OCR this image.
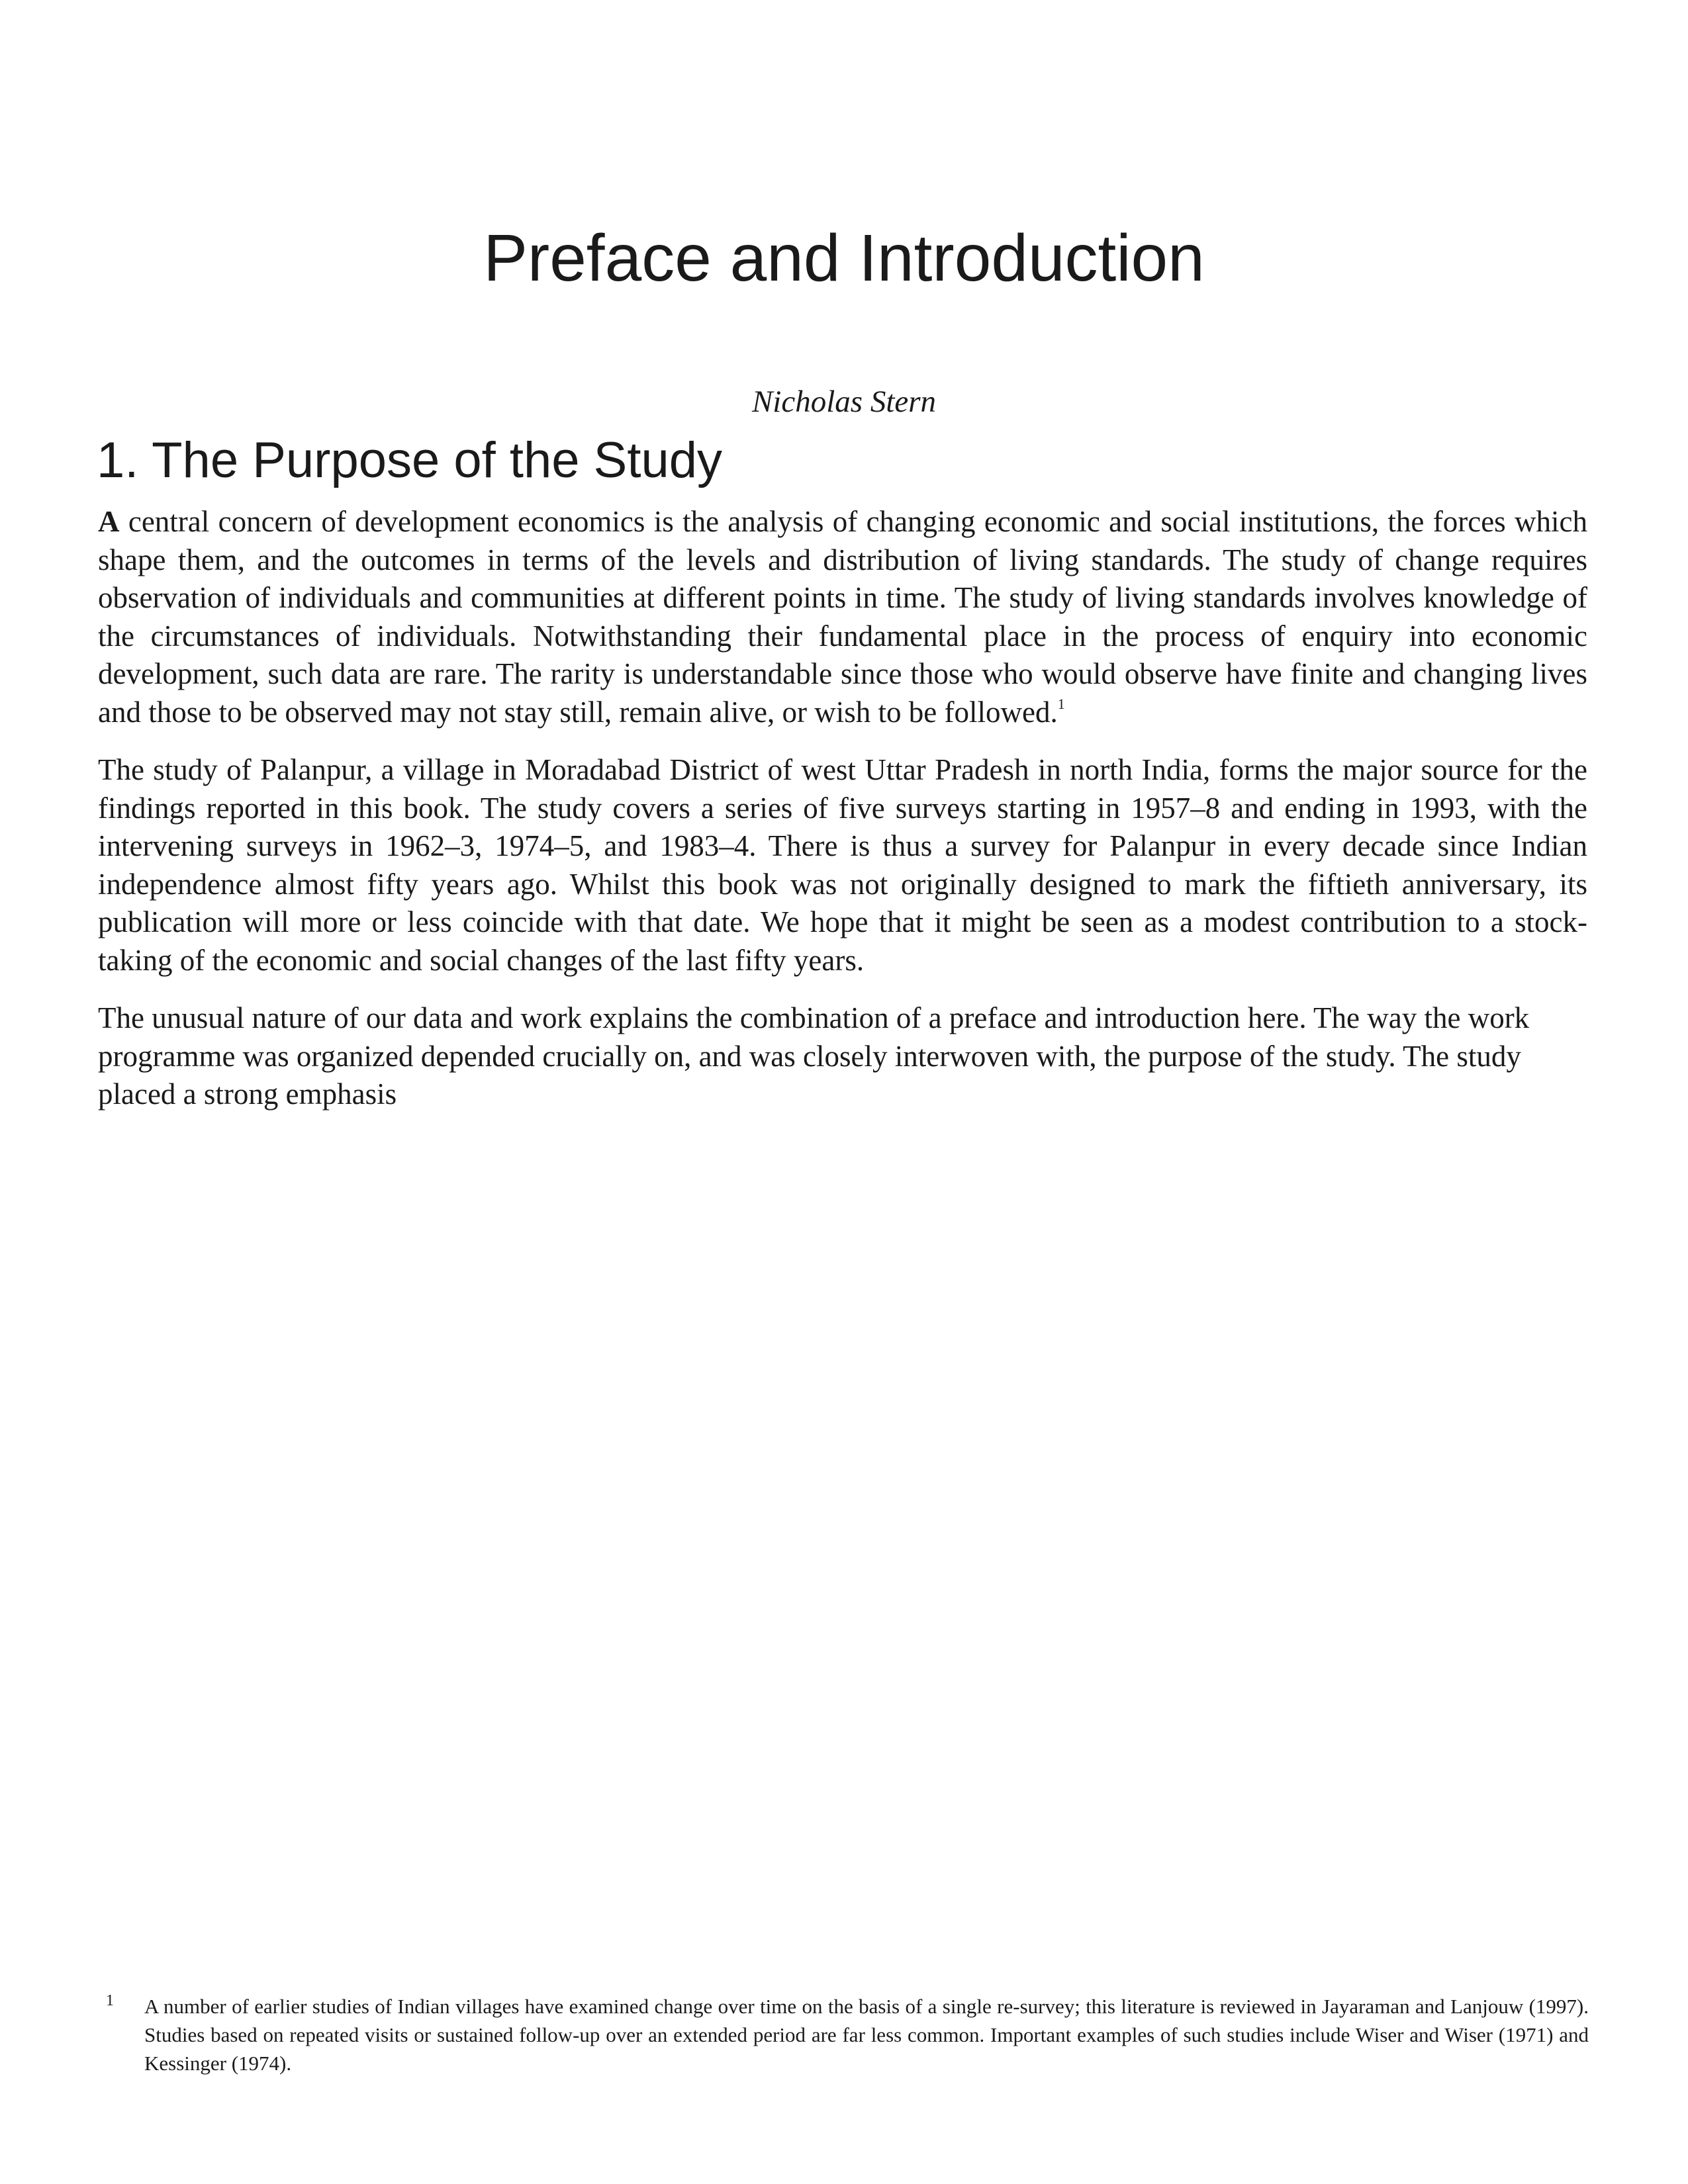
Preface and Introduction
Nicholas Stern
1. The Purpose of the Study

A central concern of development economics is the analysis of changing economic and social institutions, the forces which shape them, and the outcomes in terms of the levels and distribution of living standards. The study of change requires observation of individuals and communities at different points in time. The study of living standards involves knowledge of the circumstances of individuals. Notwithstanding their fundamental place in the process of enquiry into economic development, such data are rare. The rarity is understandable since those who would observe have finite and changing lives and those to be observed may not stay still, remain alive, or wish to be followed.$^1$

The study of Palanpur, a village in Moradabad District of west Uttar Pradesh in north India, forms the major source for the findings reported in this book. The study covers a series of five surveys starting in 1957–8 and ending in 1993, with the intervening surveys in 1962–3, 1974–5, and 1983–4. There is thus a survey for Palanpur in every decade since Indian independence almost fifty years ago. Whilst this book was not originally designed to mark the fiftieth anniversary, its publication will more or less coincide with that date. We hope that it might be seen as a modest contribution to a stock-taking of the economic and social changes of the last fifty years.

The unusual nature of our data and work explains the combination of a preface and introduction here. The way the work programme was organized depended crucially on, and was closely interwoven with, the purpose of the study. The study placed a strong emphasis

1 A number of earlier studies of Indian villages have examined change over time on the basis of a single re-survey; this literature is reviewed in Jayaraman and Lanjouw (1997). Studies based on repeated visits or sustained follow-up over an extended period are far less common. Important examples of such studies include Wiser and Wiser (1971) and Kessinger (1974).
